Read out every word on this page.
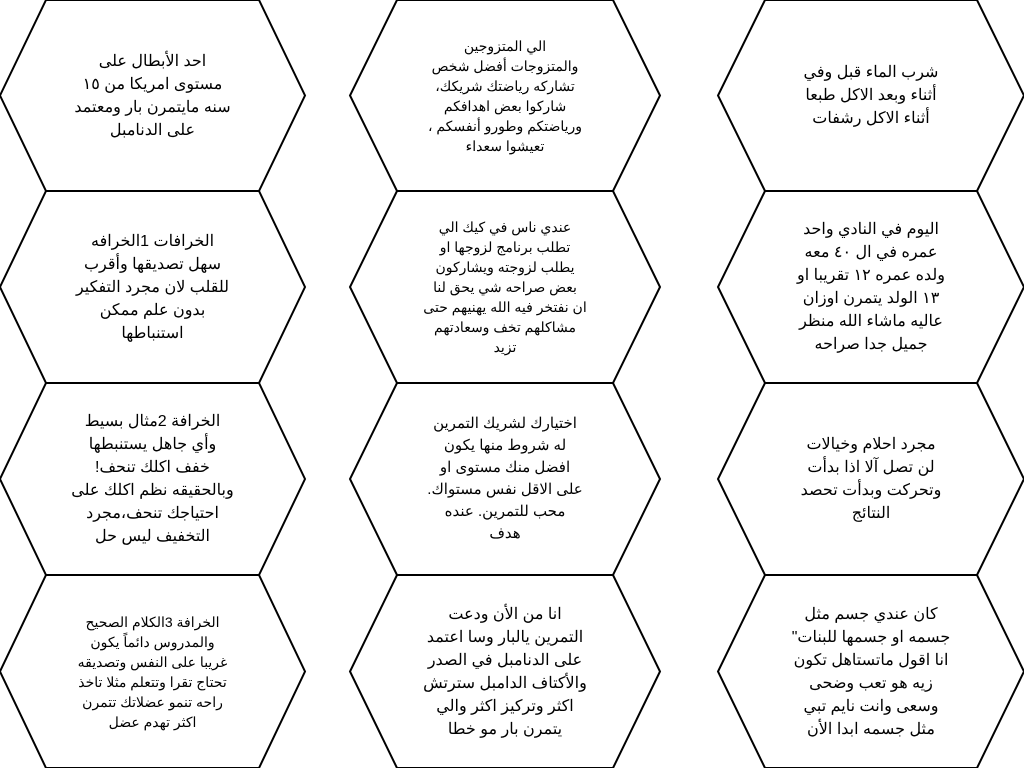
احد الأبطال على
مستوى امريكا من ١٥
سنه مايتمرن بار ومعتمد
على الدنامبل
الي المتزوجين
والمتزوجات أفضل شخص
تشاركه رياضتك شريكك،
شاركوا بعض اهدافكم
ورياضتكم وطورو أنفسكم ،
تعيشوا سعداء
شرب الماء قبل وفي
أثناء وبعد الاكل طبعا
أثناء الاكل رشفات
الخرافات 1الخرافه
سهل تصديقها وأقرب
للقلب لان مجرد التفكير
بدون علم ممكن
استنباطها
عندي ناس في كيك الي
تطلب برنامج لزوجها او
يطلب لزوجته ويشاركون
بعض صراحه شي يحق لنا
ان نفتخر فيه الله يهنيهم حتى
مشاكلهم تخف وسعادتهم
تزيد
اليوم في النادي واحد
عمره في ال ٤٠ معه
ولده عمره ١٢ تقريبا او
١٣ الولد يتمرن اوزان
عاليه ماشاء الله منظر
جميل جدا صراحه
الخرافة 2مثال بسيط
وأي جاهل يستنبطها
خفف اكلك تنحف!
وبالحقيقه نظم اكلك على
احتياجك تنحف،مجرد
التخفيف ليس حل
اختيارك لشريك التمرين
له شروط منها يكون
افضل منك مستوى او
على الاقل نفس مستواك.
محب للتمرين. عنده
هدف
مجرد احلام وخيالات
لن تصل آلا اذا بدأت
وتحركت وبدأت تحصد
النتائج
الخرافة 3الكلام الصحيح
والمدروس دائماً يكون
غريبا على النفس وتصديقه
تحتاج تقرا وتتعلم مثلا تاخذ
راحه تنمو عضلاتك تتمرن
اكثر تهدم عضل
انا من الأن ودعت
التمرين يالبار وسا اعتمد
على الدنامبل في الصدر
والأكتاف الدامبل سترتش
اكثر وتركيز اكثر والي
يتمرن بار مو خطا
كان عندي جسم مثل
جسمه او جسمها للبنات"
انا اقول ماتستاهل تكون
زيه هو تعب وضحى
وسعى وانت نايم تبي
مثل جسمه ابدا الأن
